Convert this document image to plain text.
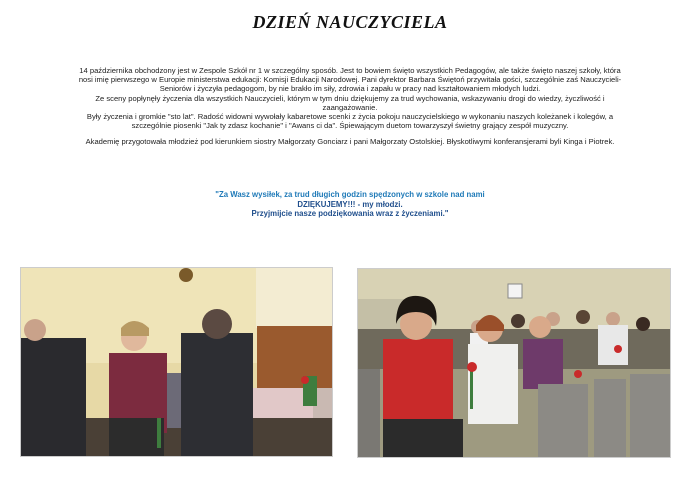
DZIEŃ NAUCZYCIELA

14 października obchodzony jest w Zespole Szkół nr 1 w szczególny sposób. Jest to bowiem święto wszystkich Pedagogów, ale także święto naszej szkoły, która nosi imię pierwszego w Europie ministerstwa edukacji: Komisji Edukacji Narodowej. Pani dyrektor Barbara Świętoń przywitała gości, szczególnie zaś Nauczycieli-Seniorów i życzyła pedagogom, by nie brakło im siły, zdrowia i zapału w pracy nad kształtowaniem młodych ludzi.

Ze sceny popłynęły życzenia dla wszystkich Nauczycieli, którym w tym dniu dziękujemy za trud wychowania, wskazywaniu drogi do wiedzy, życzliwość i zaangażowanie.

Były życzenia i gromkie "sto lat". Radość widowni wywołały kabaretowe scenki z życia pokoju nauczycielskiego w wykonaniu naszych koleżanek i kolegów, a szczególnie piosenki "Jak ty zdasz kochanie" i "Awans ci da". Śpiewającym duetom towarzyszył świetny grający zespół muzyczny.

Akademię przygotowała młodzież pod kierunkiem siostry Małgorzaty Gonciarz i pani Małgorzaty Ostolskiej. Błyskotliwymi konferansjerami byli Kinga i Piotrek.

"Za Wasz wysiłek, za trud długich godzin spędzonych w szkole nad nami
DZIĘKUJEMY!!! - my młodzi.
Przyjmijcie nasze podziękowania wraz z życzeniami."
